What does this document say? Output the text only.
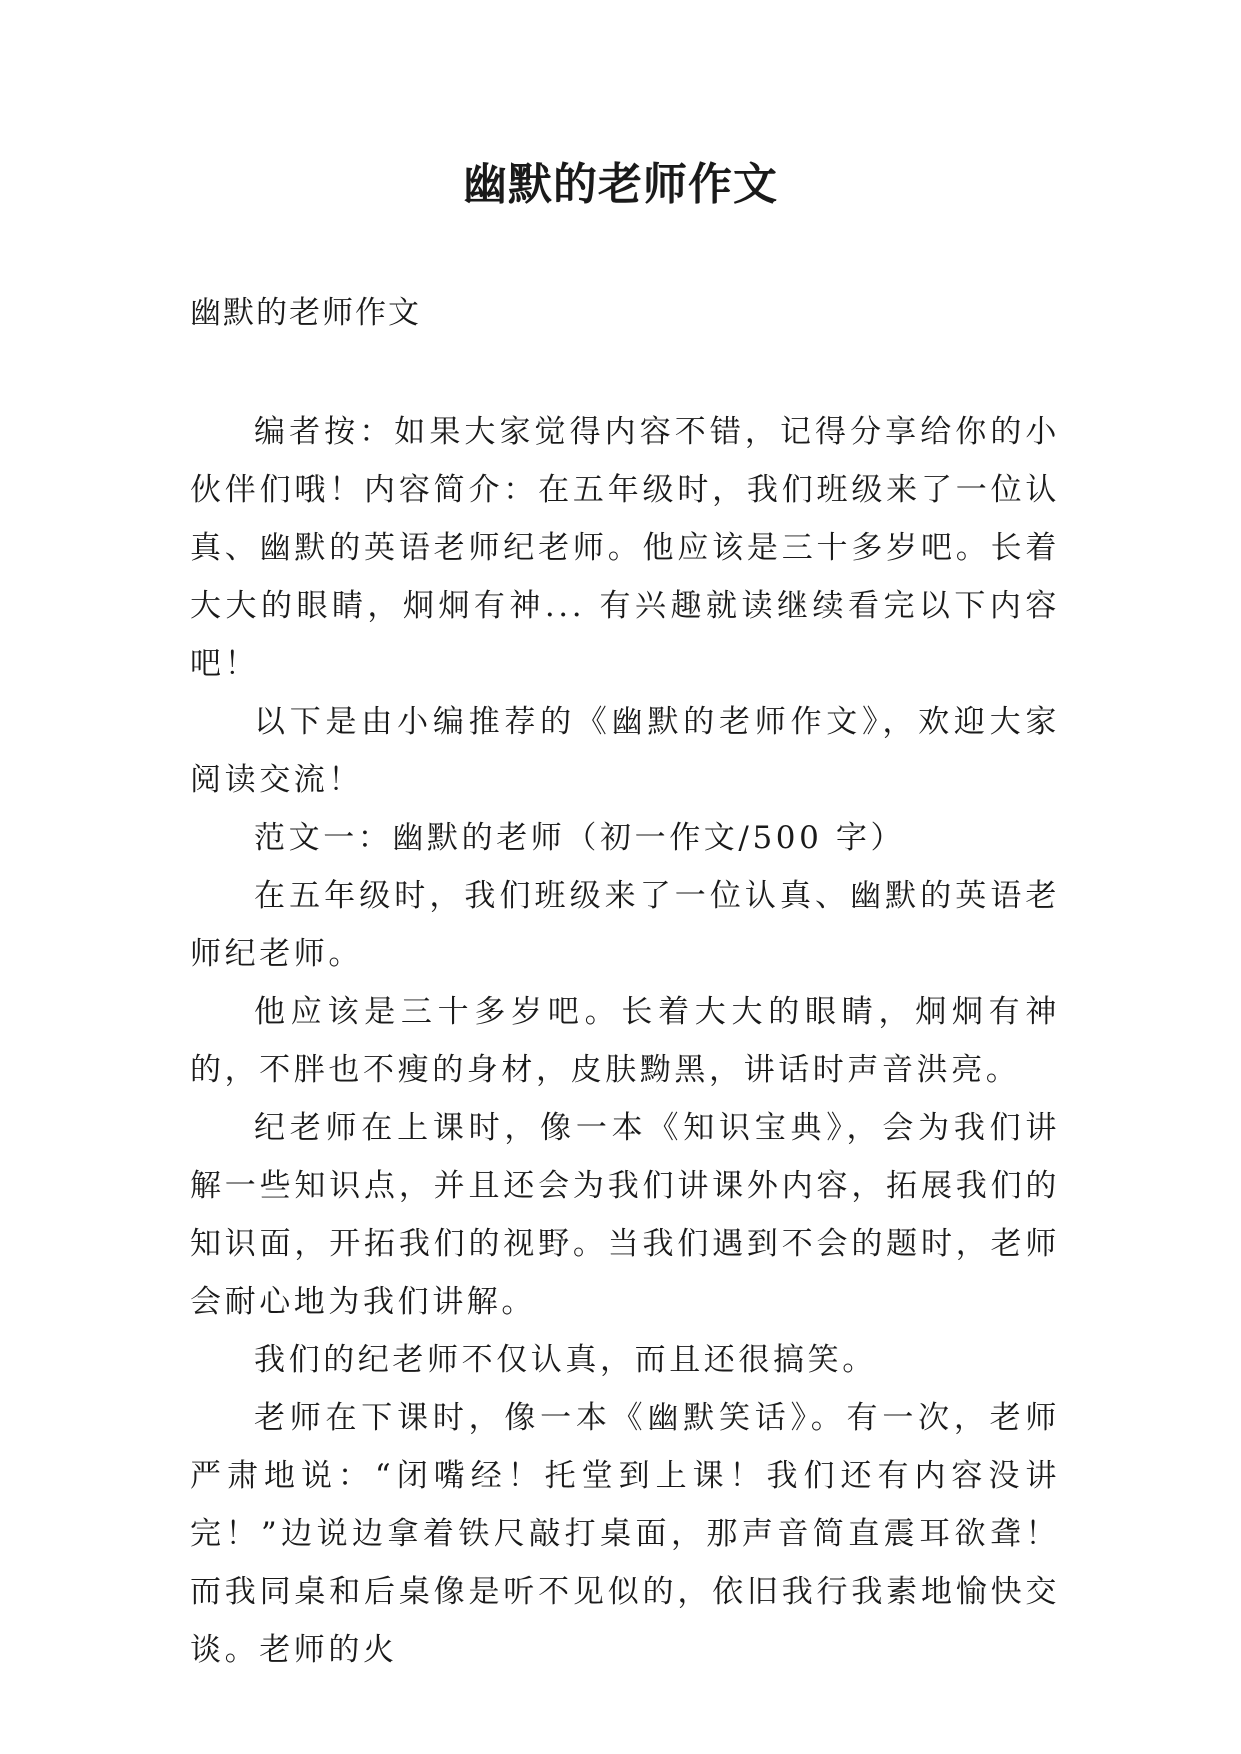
幽默的老师作文

幽默的老师作文

编者按：如果大家觉得内容不错，记得分享给你的小伙伴们哦！内容简介：在五年级时，我们班级来了一位认真、幽默的英语老师纪老师。他应该是三十多岁吧。长着大大的眼睛，炯炯有神... 有兴趣就读继续看完以下内容吧！

以下是由小编推荐的《幽默的老师作文》，欢迎大家阅读交流！

范文一：幽默的老师（初一作文/500 字）

在五年级时，我们班级来了一位认真、幽默的英语老师纪老师。

他应该是三十多岁吧。长着大大的眼睛，炯炯有神的，不胖也不瘦的身材，皮肤黝黑，讲话时声音洪亮。

纪老师在上课时，像一本《知识宝典》，会为我们讲解一些知识点，并且还会为我们讲课外内容，拓展我们的知识面，开拓我们的视野。当我们遇到不会的题时，老师会耐心地为我们讲解。

我们的纪老师不仅认真，而且还很搞笑。

老师在下课时，像一本《幽默笑话》。有一次，老师严肃地说：“闭嘴经！托堂到上课！我们还有内容没讲完！”边说边拿着铁尺敲打桌面，那声音简直震耳欲聋！而我同桌和后桌像是听不见似的，依旧我行我素地愉快交谈。老师的火
